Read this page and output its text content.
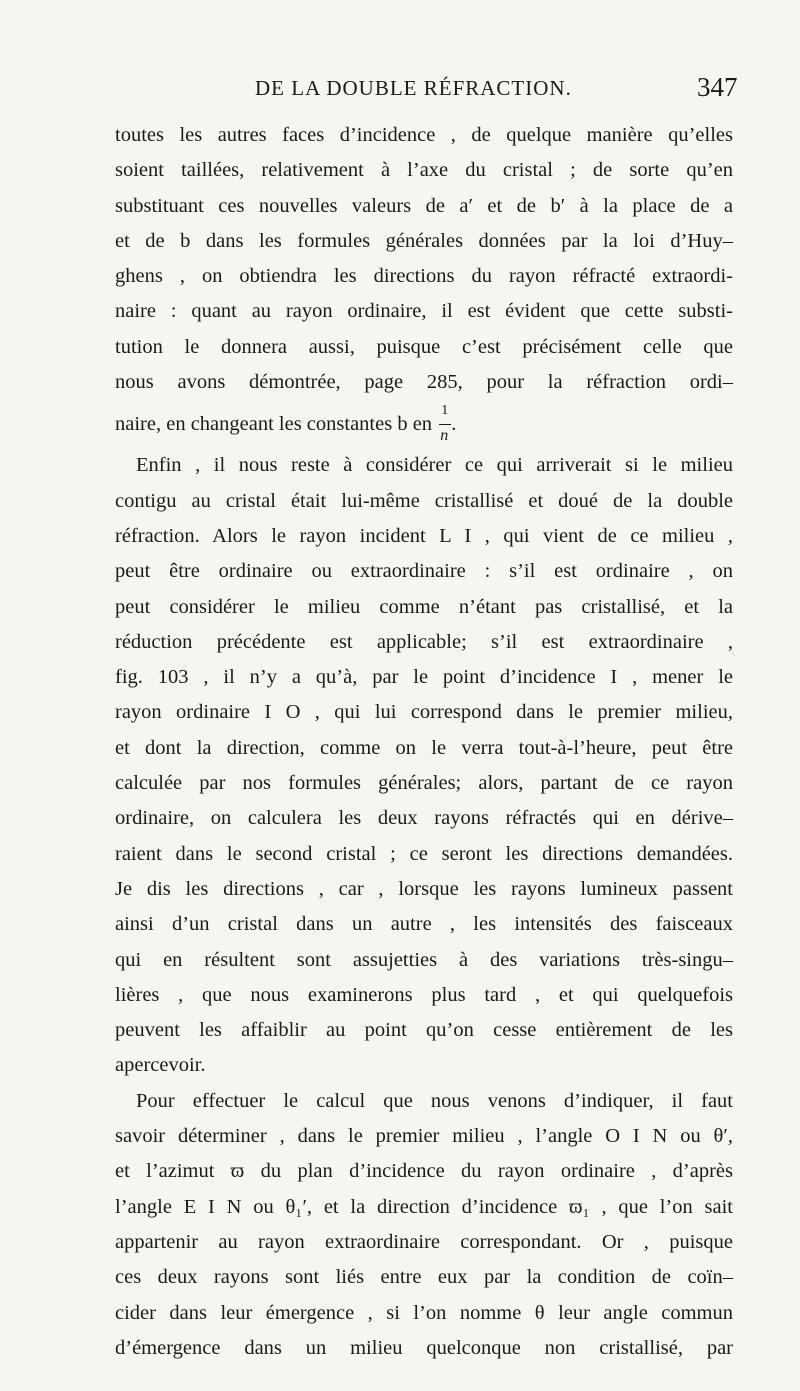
DE LA DOUBLE RÉFRACTION.	347
toutes les autres faces d’incidence , de quelque manière qu’elles
soient taillées, relativement à l’axe du cristal ; de sorte qu’en
substituant ces nouvelles valeurs de a′ et de b′ à la place de a
et de b dans les formules générales données par la loi d’Huy–
ghens , on obtiendra les directions du rayon réfracté extraordi-
naire : quant au rayon ordinaire, il est évident que cette substi-
tution le donnera aussi, puisque c’est précisément celle que
nous avons démontrée, page 285, pour la réfraction ordi–
naire, en changeant les constantes b en $\frac{1}{n}$ .
Enfin , il nous reste à considérer ce qui arriverait si le milieu
contigu au cristal était lui-même cristallisé et doué de la double
réfraction. Alors le rayon incident L I , qui vient de ce milieu ,
peut être ordinaire ou extraordinaire : s’il est ordinaire , on
peut considérer le milieu comme n’étant pas cristallisé, et la
réduction précédente est applicable; s’il est extraordinaire ,
fig. 103 , il n’y a qu’à, par le point d’incidence I , mener le
rayon ordinaire I O , qui lui correspond dans le premier milieu,
et dont la direction, comme on le verra tout-à-l’heure, peut être
calculée par nos formules générales; alors, partant de ce rayon
ordinaire, on calculera les deux rayons réfractés qui en dérive–
raient dans le second cristal ; ce seront les directions demandées.
Je dis les directions , car , lorsque les rayons lumineux passent
ainsi d’un cristal dans un autre , les intensités des faisceaux
qui en résultent sont assujetties à des variations très-singu–
lières , que nous examinerons plus tard , et qui quelquefois
peuvent les affaiblir au point qu’on cesse entièrement de les
apercevoir.
Pour effectuer le calcul que nous venons d’indiquer, il faut
savoir déterminer , dans le premier milieu , l’angle O I N ou θ′,
et l’azimut ϖ du plan d’incidence du rayon ordinaire , d’après
l’angle E I N ou θ₁′, et la direction d’incidence ϖ₁ , que l’on sait
appartenir au rayon extraordinaire correspondant. Or , puisque
ces deux rayons sont liés entre eux par la condition de coïn–
cider dans leur émergence , si l’on nomme θ leur angle commun
d’émergence dans un milieu quelconque non cristallisé, par
